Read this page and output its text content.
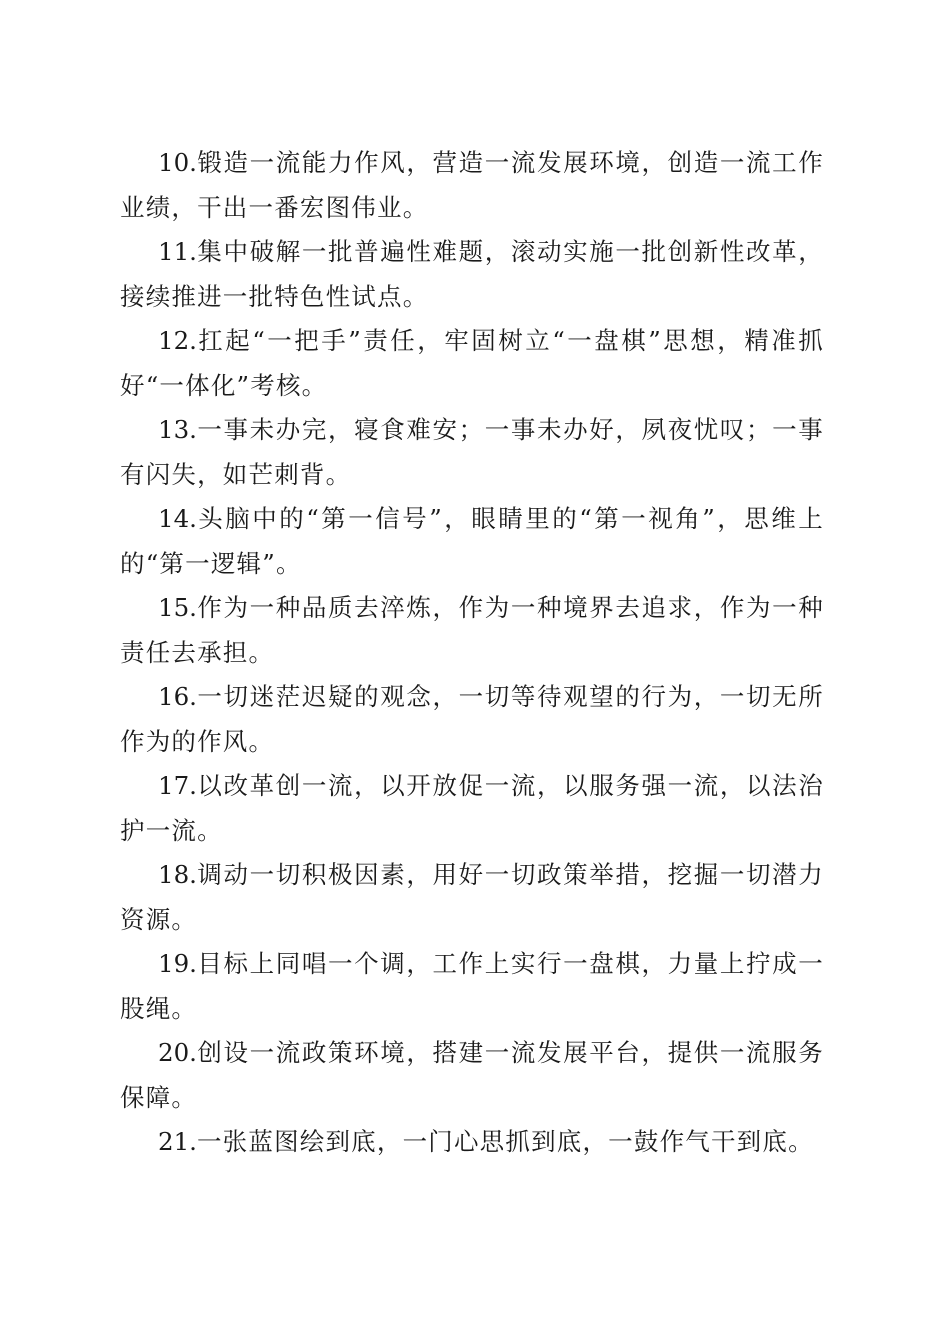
10.锻造一流能力作风，营造一流发展环境，创造一流工作业绩，干出一番宏图伟业。

11.集中破解一批普遍性难题，滚动实施一批创新性改革，接续推进一批特色性试点。

12.扛起“一把手”责任，牢固树立“一盘棋”思想，精准抓好“一体化”考核。

13.一事未办完，寝食难安；一事未办好，夙夜忧叹；一事有闪失，如芒刺背。

14.头脑中的“第一信号”，眼睛里的“第一视角”，思维上的“第一逻辑”。

15.作为一种品质去淬炼，作为一种境界去追求，作为一种责任去承担。

16.一切迷茫迟疑的观念，一切等待观望的行为，一切无所作为的作风。

17.以改革创一流，以开放促一流，以服务强一流，以法治护一流。

18.调动一切积极因素，用好一切政策举措，挖掘一切潜力资源。

19.目标上同唱一个调，工作上实行一盘棋，力量上拧成一股绳。

20.创设一流政策环境，搭建一流发展平台，提供一流服务保障。

21.一张蓝图绘到底，一门心思抓到底，一鼓作气干到底。
